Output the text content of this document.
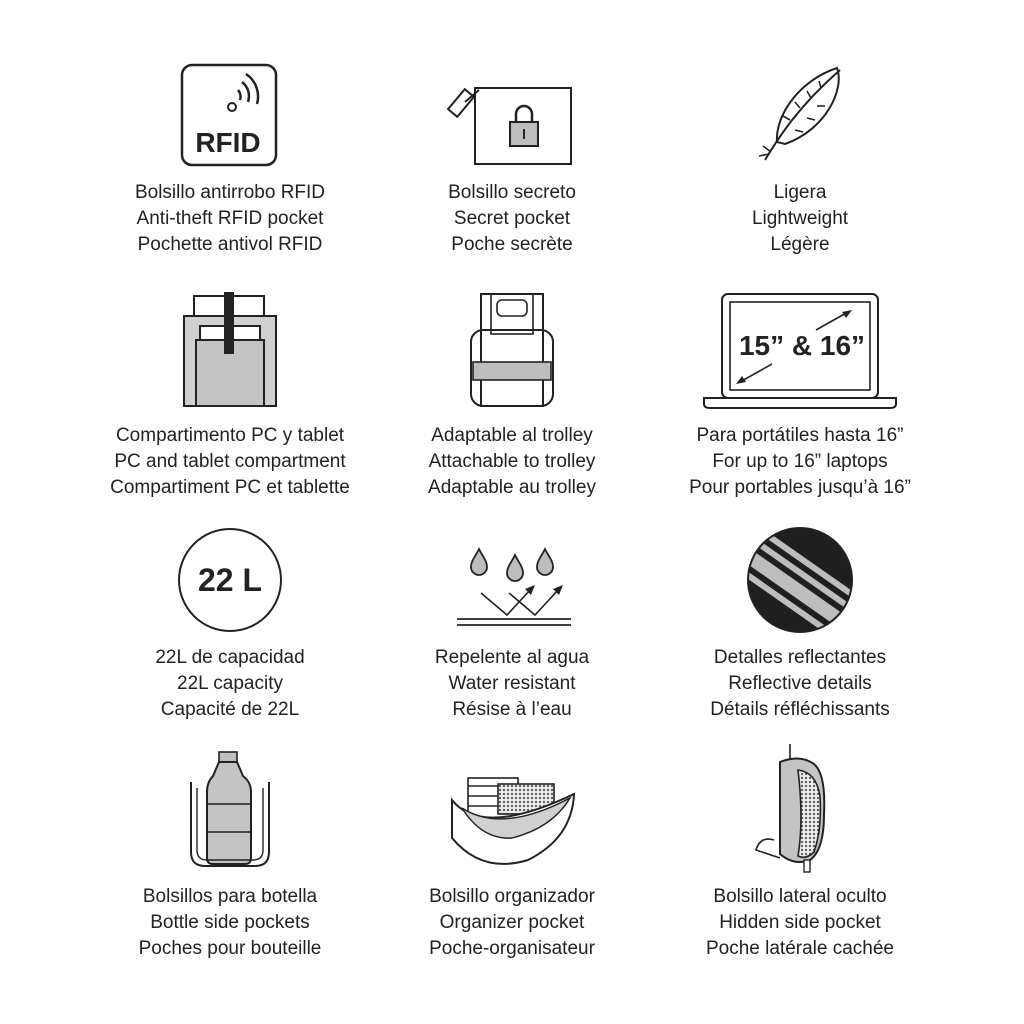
RFID
Bolsillo antirrobo RFID
Anti-theft RFID pocket
Pochette antivol RFID
Bolsillo secreto
Secret pocket
Poche secrète
Ligera
Lightweight
Légère
Compartimento PC y tablet
PC and tablet compartment
Compartiment PC et tablette
Adaptable al trolley
Attachable to trolley
Adaptable au trolley
15” & 16”
Para portátiles hasta 16”
For up to 16” laptops
Pour portables jusqu’à 16”
22 L
22L de capacidad
22L capacity
Capacité de 22L
Repelente al agua
Water resistant
Résise à l’eau
Detalles reflectantes
Reflective details
Détails réfléchissants
Bolsillos para botella
Bottle side pockets
Poches pour bouteille
Bolsillo organizador
Organizer pocket
Poche-organisateur
Bolsillo lateral oculto
Hidden side pocket
Poche latérale cachée
